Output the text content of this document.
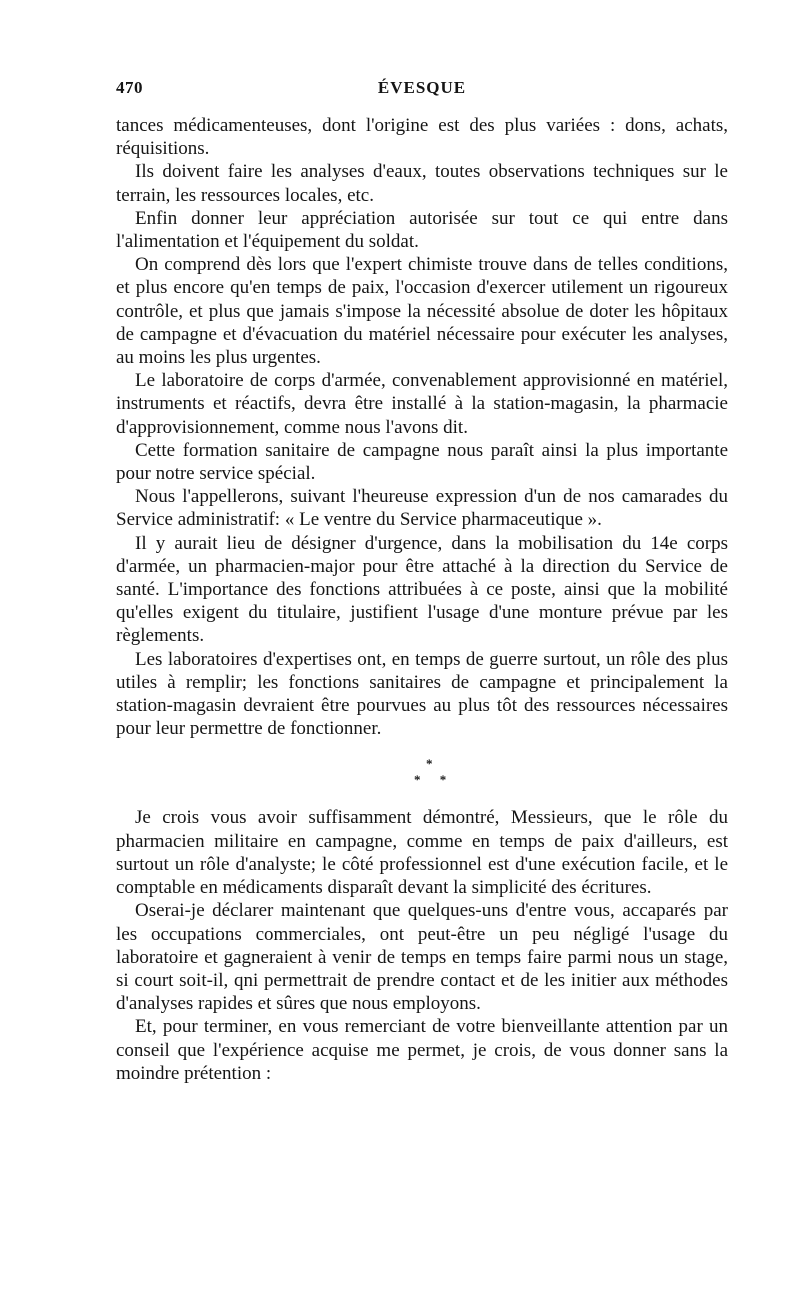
470	ÉVESQUE

tances médicamenteuses, dont l'origine est des plus variées : dons, achats, réquisitions.

Ils doivent faire les analyses d'eaux, toutes observations techniques sur le terrain, les ressources locales, etc.

Enfin donner leur appréciation autorisée sur tout ce qui entre dans l'alimentation et l'équipement du soldat.

On comprend dès lors que l'expert chimiste trouve dans de telles conditions, et plus encore qu'en temps de paix, l'occasion d'exercer utilement un rigoureux contrôle, et plus que jamais s'impose la nécessité absolue de doter les hôpitaux de campagne et d'évacuation du matériel nécessaire pour exécuter les analyses, au moins les plus urgentes.

Le laboratoire de corps d'armée, convenablement approvisionné en matériel, instruments et réactifs, devra être installé à la station-magasin, la pharmacie d'approvisionnement, comme nous l'avons dit.

Cette formation sanitaire de campagne nous paraît ainsi la plus importante pour notre service spécial.

Nous l'appellerons, suivant l'heureuse expression d'un de nos camarades du Service administratif: « Le ventre du Service pharmaceutique ».

Il y aurait lieu de désigner d'urgence, dans la mobilisation du 14e corps d'armée, un pharmacien-major pour être attaché à la direction du Service de santé. L'importance des fonctions attribuées à ce poste, ainsi que la mobilité qu'elles exigent du titulaire, justifient l'usage d'une monture prévue par les règlements.

Les laboratoires d'expertises ont, en temps de guerre surtout, un rôle des plus utiles à remplir; les fonctions sanitaires de campagne et principalement la station-magasin devraient être pourvues au plus tôt des ressources nécessaires pour leur permettre de fonctionner.

*
* *

Je crois vous avoir suffisamment démontré, Messieurs, que le rôle du pharmacien militaire en campagne, comme en temps de paix d'ailleurs, est surtout un rôle d'analyste; le côté professionnel est d'une exécution facile, et le comptable en médicaments disparaît devant la simplicité des écritures.

Oserai-je déclarer maintenant que quelques-uns d'entre vous, accaparés par les occupations commerciales, ont peut-être un peu négligé l'usage du laboratoire et gagneraient à venir de temps en temps faire parmi nous un stage, si court soit-il, qni permettrait de prendre contact et de les initier aux méthodes d'analyses rapides et sûres que nous employons.

Et, pour terminer, en vous remerciant de votre bienveillante attention par un conseil que l'expérience acquise me permet, je crois, de vous donner sans la moindre prétention :
